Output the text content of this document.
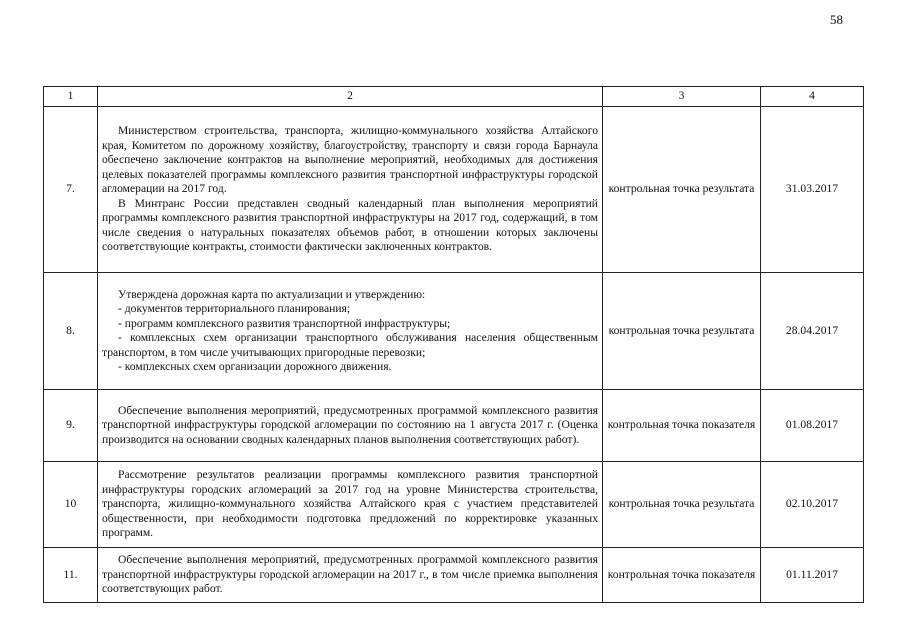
58
1	2	3	4
7.	Министерством строительства, транспорта, жилищно-коммунального хозяйства Алтайского края, Комитетом по дорожному хозяйству, благоустройству, транспорту и связи города Барнаула обеспечено заключение контрактов на выполнение мероприятий, необходимых для достижения целевых показателей программы комплексного развития транспортной инфраструктуры городской агломерации на 2017 год.

В Минтранс России представлен сводный календарный план выполнения мероприятий программы комплексного развития транспортной инфраструктуры на 2017 год, содержащий, в том числе сведения о натуральных показателях объемов работ, в отношении которых заключены соответствующие контракты, стоимости фактически заключенных контрактов.	контрольная точка результата	31.03.2017
8.	Утверждена дорожная карта по актуализации и утверждению:

- документов территориального планирования;

- программ комплексного развития транспортной инфраструктуры;

- комплексных схем организации транспортного обслуживания населения общественным транспортом, в том числе учитывающих пригородные перевозки;

- комплексных схем организации дорожного движения.	контрольная точка результата	28.04.2017
9.	Обеспечение выполнения мероприятий, предусмотренных программой комплексного развития транспортной инфраструктуры городской агломерации по состоянию на 1 августа 2017 г. (Оценка производится на основании сводных календарных планов выполнения соответствующих работ).	контрольная точка показателя	01.08.2017
10	Рассмотрение результатов реализации программы комплексного развития транспортной инфраструктуры городских агломераций за 2017 год на уровне Министерства строительства, транспорта, жилищно-коммунального хозяйства Алтайского края с участием представителей общественности, при необходимости подготовка предложений по корректировке указанных программ.	контрольная точка результата	02.10.2017
11.	Обеспечение выполнения мероприятий, предусмотренных программой комплексного развития транспортной инфраструктуры городской агломерации на 2017 г., в том числе приемка выполнения соответствующих работ.	контрольная точка показателя	01.11.2017
